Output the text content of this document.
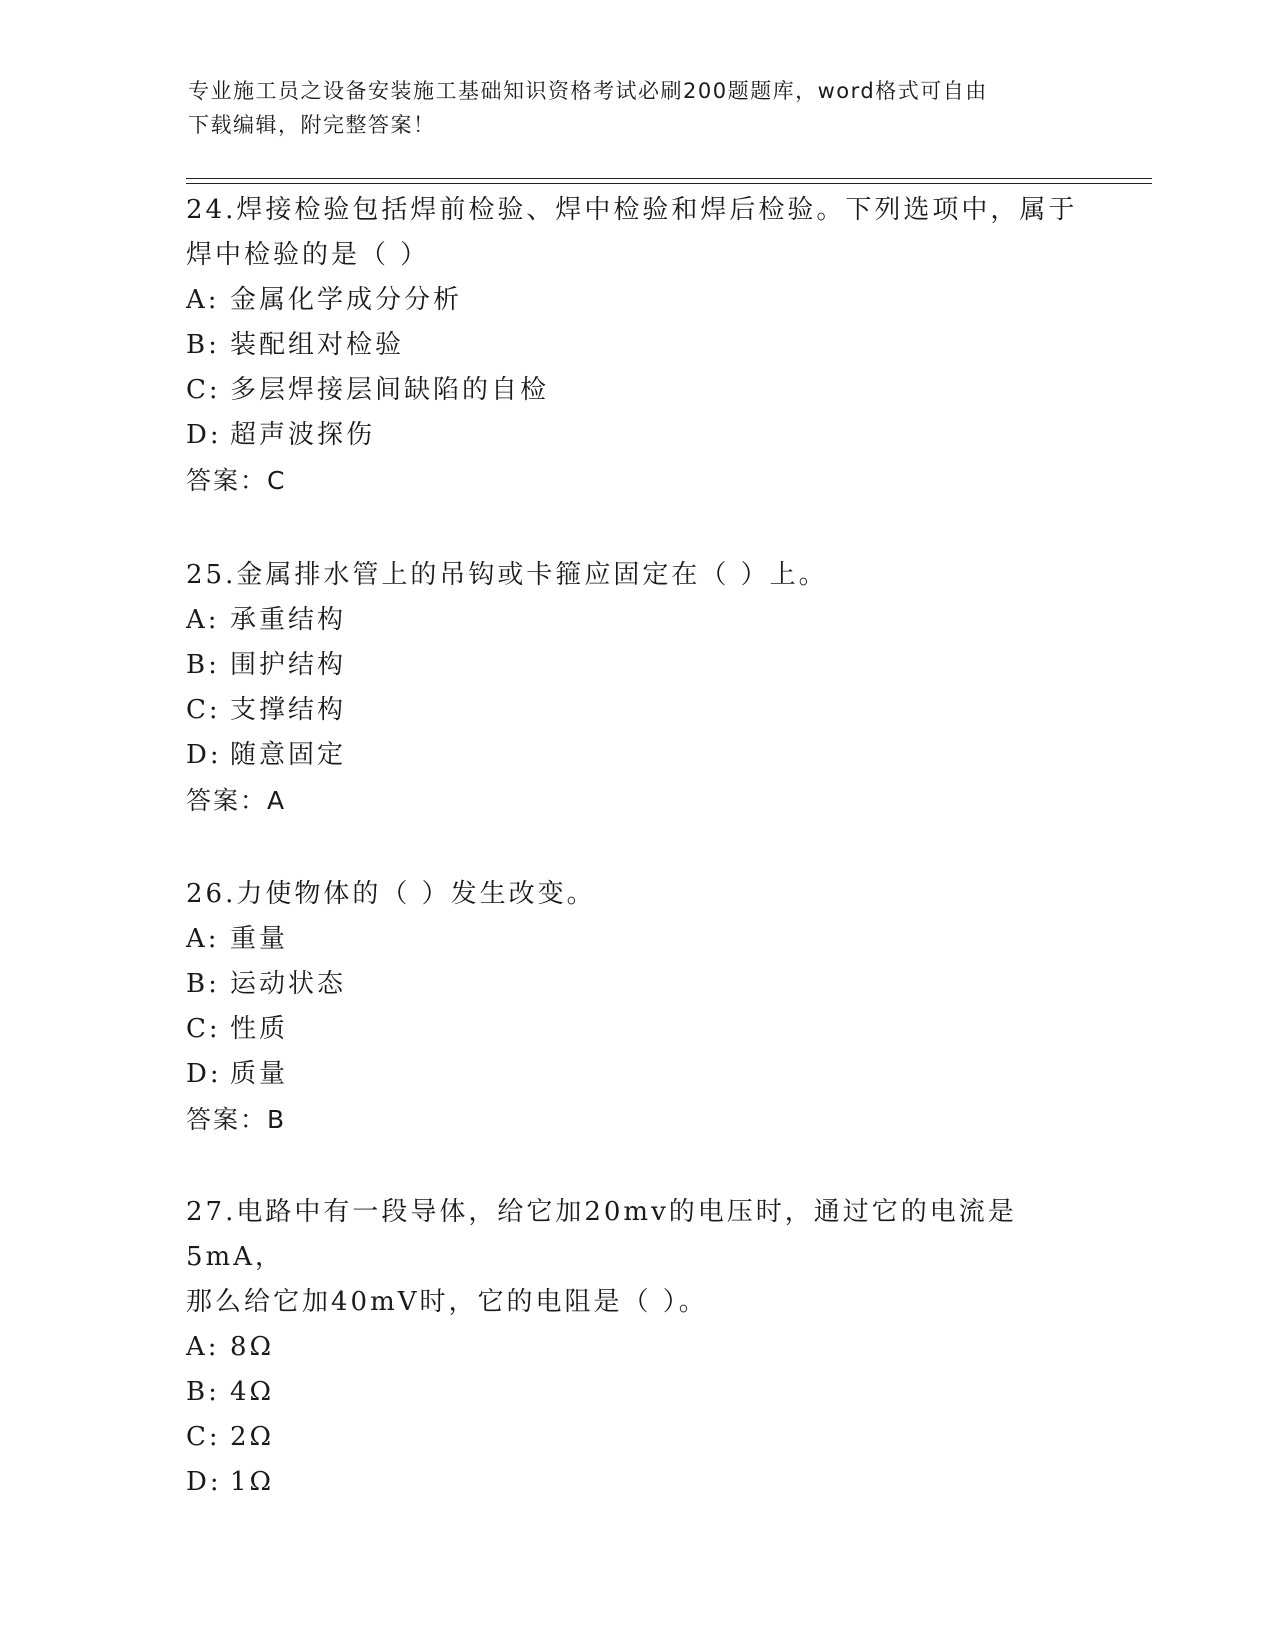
专业施工员之设备安装施工基础知识资格考试必刷200题题库，word格式可自由
下载编辑，附完整答案！
24.焊接检验包括焊前检验、焊中检验和焊后检验。下列选项中，属于
焊中检验的是（ ）
A: 金属化学成分分析
B: 装配组对检验
C: 多层焊接层间缺陷的自检
D: 超声波探伤
答案：C
25.金属排水管上的吊钩或卡箍应固定在（ ）上。
A: 承重结构
B: 围护结构
C: 支撑结构
D: 随意固定
答案：A
26.力使物体的（ ）发生改变。
A: 重量
B: 运动状态
C: 性质
D: 质量
答案：B
27.电路中有一段导体，给它加20mv的电压时，通过它的电流是5mA，
那么给它加40mV时，它的电阻是（ ）。
A: 8Ω
B: 4Ω
C: 2Ω
D: 1Ω
